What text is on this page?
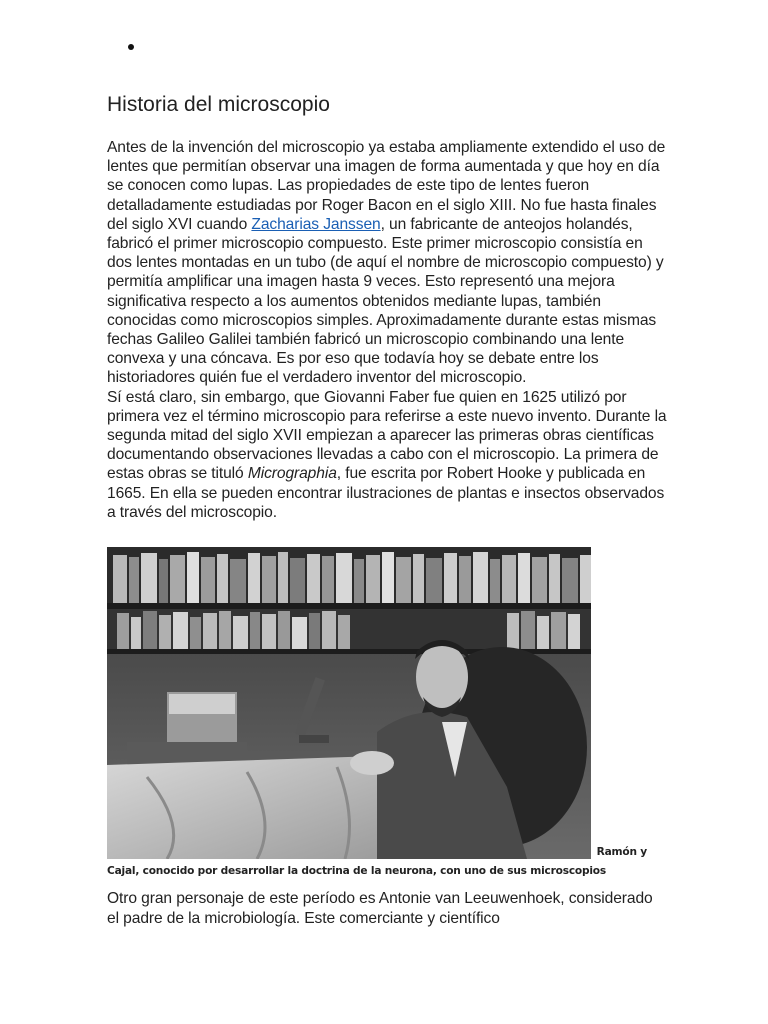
Historia del microscopio

Antes de la invención del microscopio ya estaba ampliamente extendido el uso de lentes que permitían observar una imagen de forma aumentada y que hoy en día se conocen como lupas. Las propiedades de este tipo de lentes fueron detalladamente estudiadas por Roger Bacon en el siglo XIII. No fue hasta finales del siglo XVI cuando Zacharias Janssen, un fabricante de anteojos holandés, fabricó el primer microscopio compuesto. Este primer microscopio consistía en dos lentes montadas en un tubo (de aquí el nombre de microscopio compuesto) y permitía amplificar una imagen hasta 9 veces. Esto representó una mejora significativa respecto a los aumentos obtenidos mediante lupas, también conocidas como microscopios simples. Aproximadamente durante estas mismas fechas Galileo Galilei también fabricó un microscopio combinando una lente convexa y una cóncava. Es por eso que todavía hoy se debate entre los historiadores quién fue el verdadero inventor del microscopio.

Sí está claro, sin embargo, que Giovanni Faber fue quien en 1625 utilizó por primera vez el término microscopio para referirse a este nuevo invento. Durante la segunda mitad del siglo XVII empiezan a aparecer las primeras obras científicas documentando observaciones llevadas a cabo con el microscopio. La primera de estas obras se tituló Micrographia, fue escrita por Robert Hooke y publicada en 1665. En ella se pueden encontrar ilustraciones de plantas e insectos observados a través del microscopio.

Ramón y
Cajal, conocido por desarrollar la doctrina de la neurona, con uno de sus microscopios

Otro gran personaje de este período es Antonie van Leeuwenhoek, considerado el padre de la microbiología. Este comerciante y científico
